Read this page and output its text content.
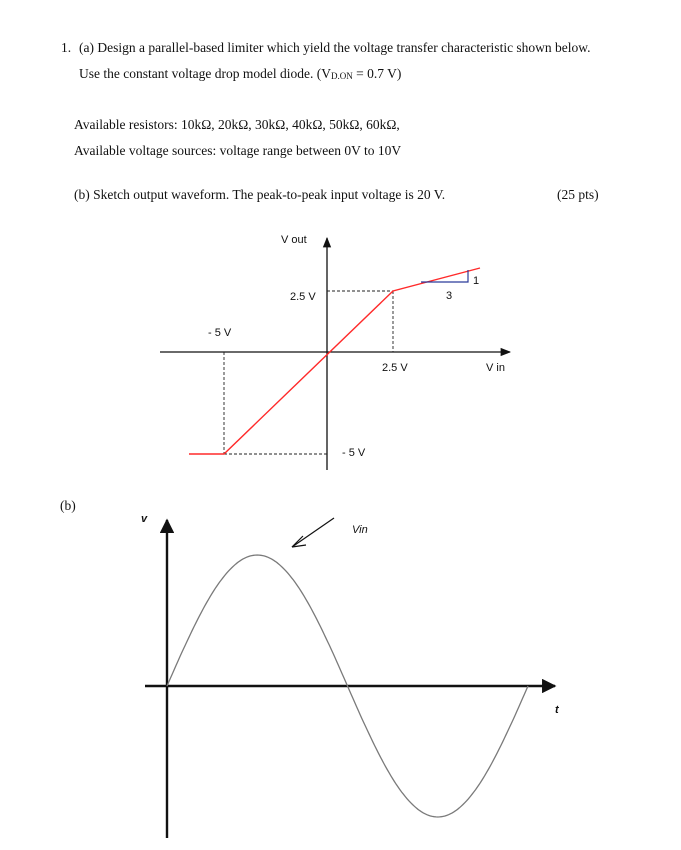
1. (a) Design a parallel-based limiter which yield the voltage transfer characteristic shown below.
Use the constant voltage drop model diode. ($V_{D.ON} = 0.7$ V)
Available resistors: 10kΩ, 20kΩ, 30kΩ, 40kΩ, 50kΩ, 60kΩ,
Available voltage sources: voltage range between 0V to 10V
(b) Sketch output waveform. The peak-to-peak input voltage is 20 V.	(25 pts)
(b)
V out
V in
2.5 V
2.5 V
- 5 V
- 5 V
1
3
v
t
Vin
